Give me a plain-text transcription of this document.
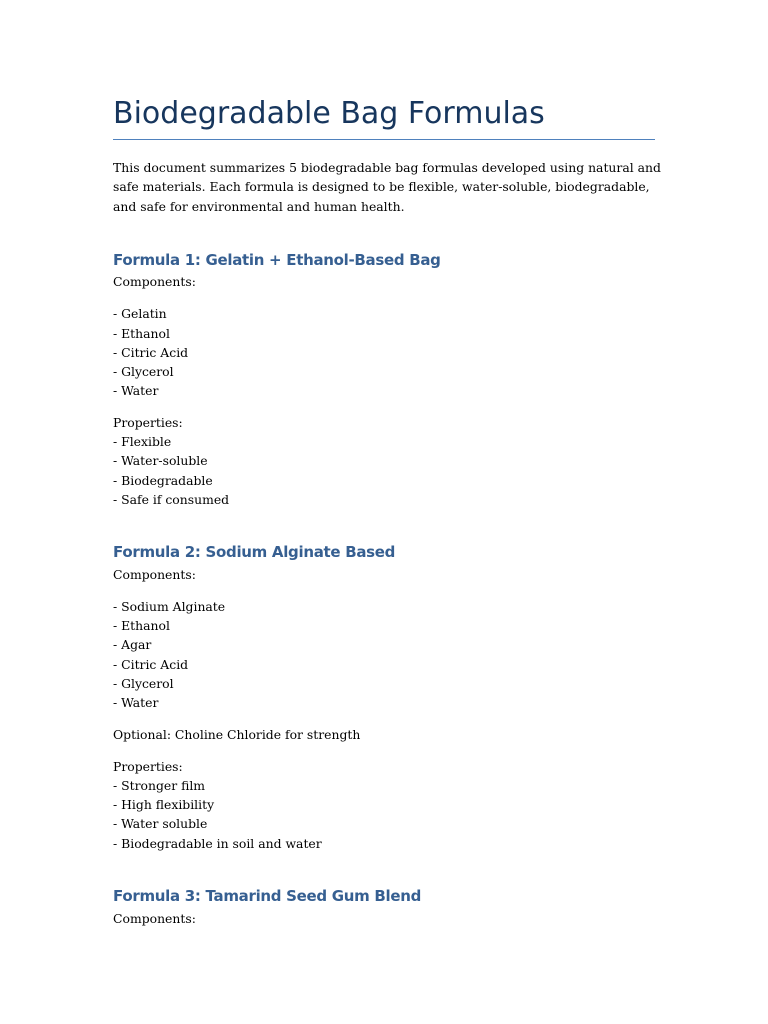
Biodegradable Bag Formulas

This document summarizes 5 biodegradable bag formulas developed using natural and safe materials. Each formula is designed to be flexible, water-soluble, biodegradable, and safe for environmental and human health.

Formula 1: Gelatin + Ethanol-Based Bag

Components:

- Gelatin

- Ethanol

- Citric Acid

- Glycerol

- Water

Properties:

- Flexible

- Water-soluble

- Biodegradable

- Safe if consumed

Formula 2: Sodium Alginate Based

Components:

- Sodium Alginate

- Ethanol

- Agar

- Citric Acid

- Glycerol

- Water

Optional: Choline Chloride for strength

Properties:

- Stronger film

- High flexibility

- Water soluble

- Biodegradable in soil and water

Formula 3: Tamarind Seed Gum Blend

Components:
